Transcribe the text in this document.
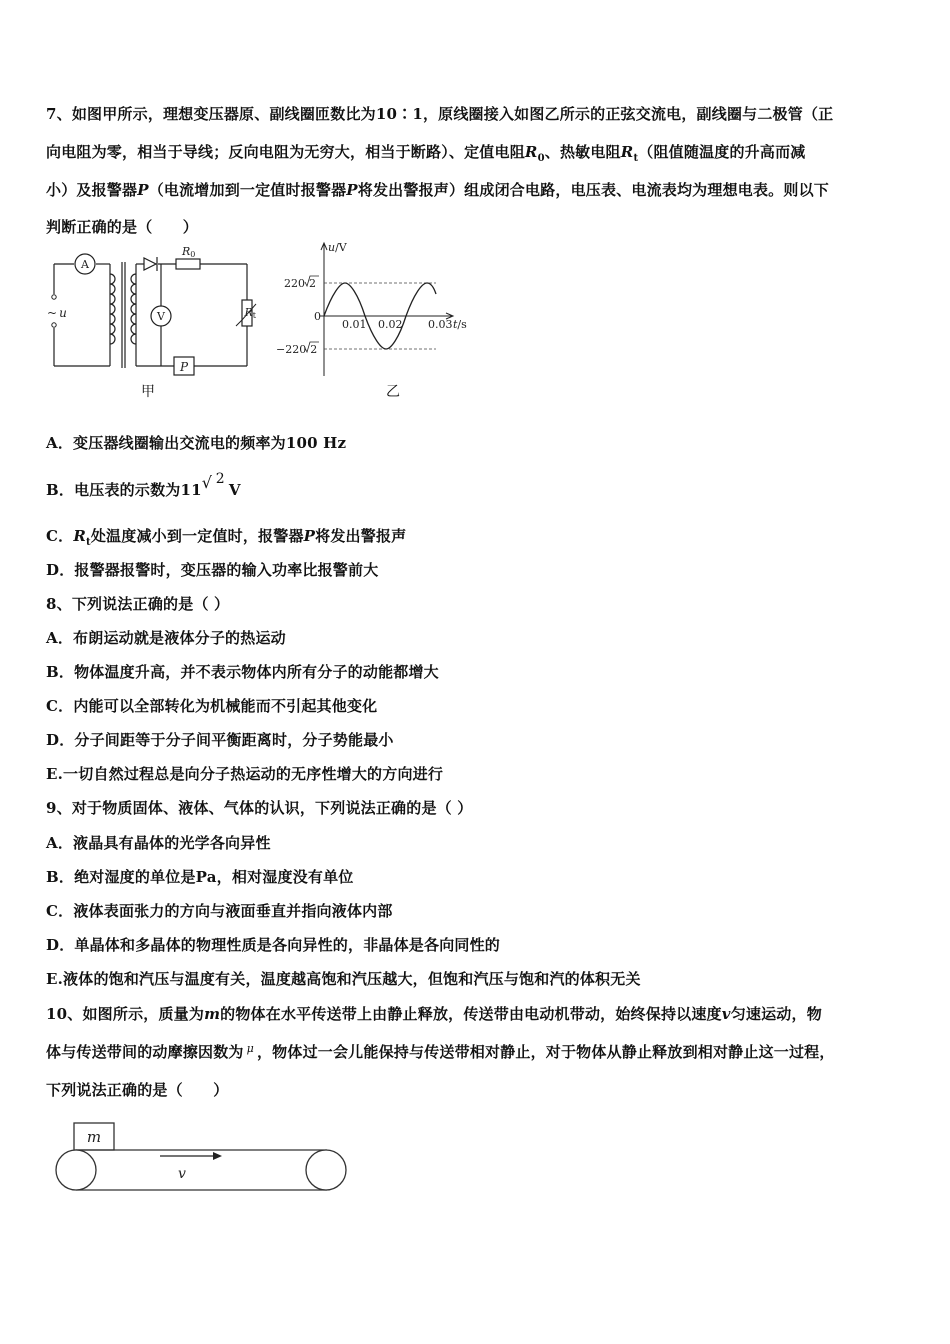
7、如图甲所示，理想变压器原、副线圈匝数比为10∶1，原线圈接入如图乙所示的正弦交流电，副线圈与二极管（正
向电阻为零，相当于导线；反向电阻为无穷大，相当于断路）、定值电阻$R_0$、热敏电阻$R_t$（阻值随温度的升高而减
小）及报警器P（电流增加到一定值时报警器P将发出警报声）组成闭合电路，电压表、电流表均为理想电表。则以下
判断正确的是（　　）
~ u
A
R0
V	Rt
P
甲
u/V
220 2
0
−220 2
0.01 0.02 0.03 t/s
乙
A．变压器线圈输出交流电的频率为100 Hz
B．电压表的示数为11 √ 2V
C．$R_t$处温度减小到一定值时，报警器P将发出警报声
D．报警器报警时，变压器的输入功率比报警前大
8、下列说法正确的是（ ）
A．布朗运动就是液体分子的热运动
B．物体温度升高，并不表示物体内所有分子的动能都增大
C．内能可以全部转化为机械能而不引起其他变化
D．分子间距等于分子间平衡距离时，分子势能最小
E.一切自然过程总是向分子热运动的无序性增大的方向进行
9、对于物质固体、液体、气体的认识，下列说法正确的是（ ）
A．液晶具有晶体的光学各向异性
B．绝对湿度的单位是Pa，相对湿度没有单位
C．液体表面张力的方向与液面垂直并指向液体内部
D．单晶体和多晶体的物理性质是各向异性的，非晶体是各向同性的
E.液体的饱和汽压与温度有关，温度越高饱和汽压越大，但饱和汽压与饱和汽的体积无关
10、如图所示，质量为m的物体在水平传送带上由静止释放，传送带由电动机带动，始终保持以速度v匀速运动，物
体与传送带间的动摩擦因数为 $^\mu$ ，物体过一会儿能保持与传送带相对静止，对于物体从静止释放到相对静止这一过程，
下列说法正确的是（　　）
m
v
